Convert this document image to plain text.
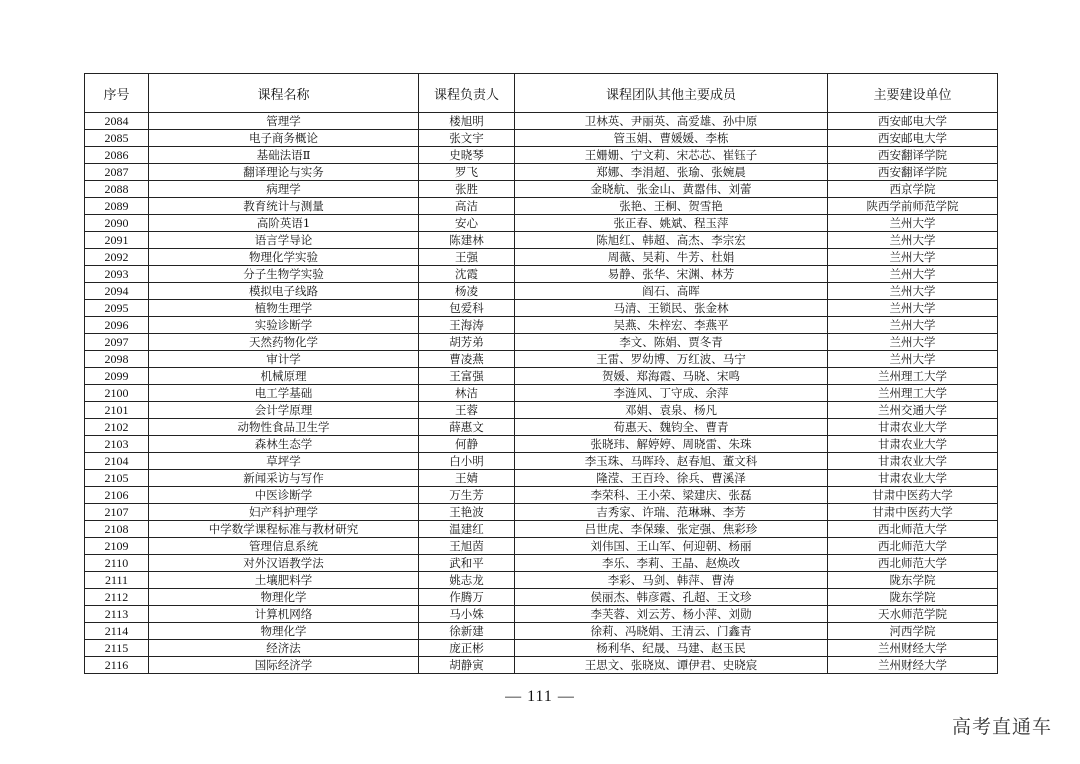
序号	课程名称	课程负责人	课程团队其他主要成员	主要建设单位
2084	管理学	楼旭明	卫林英、尹丽英、高爱雄、孙中原	西安邮电大学
2085	电子商务概论	张文宇	管玉娟、曹媛媛、李栋	西安邮电大学
2086	基础法语Ⅱ	史晓琴	王姗姗、宁文莉、宋芯芯、崔钰子	西安翻译学院
2087	翻译理论与实务	罗飞	郑娜、李涓超、张瑜、张婉晨	西安翻译学院
2088	病理学	张胜	金晓航、张金山、黄嚣伟、刘蕾	西京学院
2089	教育统计与测量	高洁	张艳、王桐、贺雪艳	陕西学前师范学院
2090	高阶英语1	安心	张正春、姚斌、程玉萍	兰州大学
2091	语言学导论	陈建林	陈旭红、韩超、高杰、李宗宏	兰州大学
2092	物理化学实验	王强	周薇、吴莉、牛芳、杜娟	兰州大学
2093	分子生物学实验	沈霞	易静、张华、宋渊、林芳	兰州大学
2094	模拟电子线路	杨凌	阎石、高晖	兰州大学
2095	植物生理学	包爱科	马清、王锁民、张金林	兰州大学
2096	实验诊断学	王海涛	吴燕、朱梓宏、李燕平	兰州大学
2097	天然药物化学	胡芳弟	李文、陈娟、贾冬青	兰州大学
2098	审计学	曹凌燕	王雷、罗幼博、万红波、马宁	兰州大学
2099	机械原理	王富强	贺媛、郑海霞、马晓、宋鸣	兰州理工大学
2100	电工学基础	林洁	李涟风、丁守成、余萍	兰州理工大学
2101	会计学原理	王蓉	邓娟、袁泉、杨凡	兰州交通大学
2102	动物性食品卫生学	薛惠文	荀惠天、魏钧全、曹青	甘肃农业大学
2103	森林生态学	何静	张晓玮、解婷婷、周晓雷、朱珠	甘肃农业大学
2104	草坪学	白小明	李玉珠、马晖玲、赵春旭、董文科	甘肃农业大学
2105	新闻采访与写作	王婧	隆滢、王百玲、徐兵、曹溪泽	甘肃农业大学
2106	中医诊断学	万生芳	李荣科、王小荣、梁建庆、张磊	甘肃中医药大学
2107	妇产科护理学	王艳波	吉秀家、许瑞、范琳琳、李芳	甘肃中医药大学
2108	中学数学课程标准与教材研究	温建红	吕世虎、李保臻、张定强、焦彩珍	西北师范大学
2109	管理信息系统	王旭茵	刘伟国、王山军、何迎朝、杨丽	西北师范大学
2110	对外汉语教学法	武和平	李乐、李莉、王晶、赵焕改	西北师范大学
2111	土壤肥料学	姚志龙	李彩、马剑、韩萍、曹涛	陇东学院
2112	物理化学	作腾万	侯丽杰、韩彦霞、孔超、王文珍	陇东学院
2113	计算机网络	马小姝	李芙蓉、刘云芳、杨小萍、刘勋	天水师范学院
2114	物理化学	徐新建	徐莉、冯晓娟、王清云、门鑫青	河西学院
2115	经济法	庞正彬	杨利华、纪晟、马建、赵玉民	兰州财经大学
2116	国际经济学	胡静寅	王思文、张晓岚、谭伊君、史晓宸	兰州财经大学
— 111 —
高考直通车
